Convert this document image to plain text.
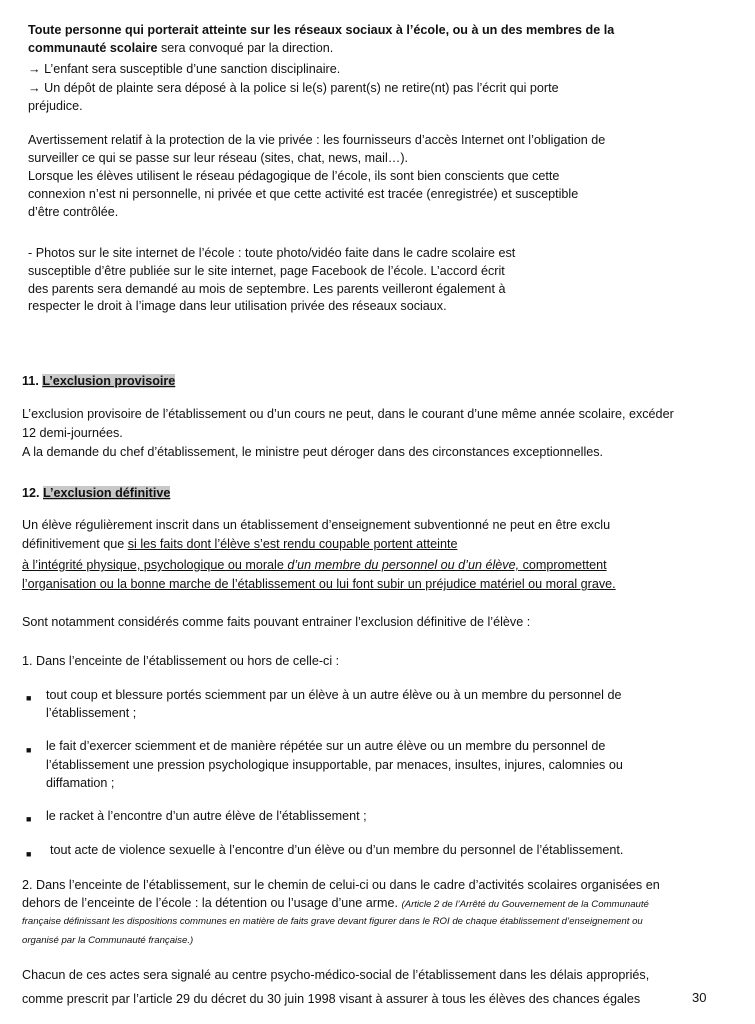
Toute personne qui porterait atteinte sur les réseaux sociaux à l’école, ou à un des membres de la
communauté scolaire sera convoqué par la direction.
→ L’enfant sera susceptible d’une sanction disciplinaire.
→ Un dépôt de plainte sera déposé à la police si le(s) parent(s) ne retire(nt) pas l’écrit qui porte
préjudice.
Avertissement relatif à la protection de la vie privée : les fournisseurs d’accès Internet ont l’obligation de
surveiller ce qui se passe sur leur réseau (sites, chat, news, mail…).
Lorsque les élèves utilisent le réseau pédagogique de l’école, ils sont bien conscients que cette
connexion n’est ni personnelle, ni privée et que cette activité est tracée (enregistrée) et susceptible
d’être contrôlée.
- Photos sur le site internet de l’école : toute photo/vidéo faite dans le cadre scolaire est
susceptible d’être publiée sur le site internet, page Facebook de l’école. L’accord écrit
des parents sera demandé au mois de septembre. Les parents veilleront également à
respecter le droit à l’image dans leur utilisation privée des réseaux sociaux.
11. L’exclusion provisoire
L’exclusion provisoire de l’établissement ou d’un cours ne peut, dans le courant d’une même année scolaire, excéder
12 demi-journées.
A la demande du chef d’établissement, le ministre peut déroger dans des circonstances exceptionnelles.
12. L’exclusion définitive
Un élève régulièrement inscrit dans un établissement d’enseignement subventionné ne peut en être exclu
définitivement que si les faits dont l’élève s’est rendu coupable portent atteinte
à l’intégrité physique, psychologique ou morale d’un membre du personnel ou d’un élève, compromettent
l’organisation ou la bonne marche de l’établissement ou lui font subir un préjudice matériel ou moral grave.
Sont notamment considérés comme faits pouvant entrainer l’exclusion définitive de l’élève :
1. Dans l’enceinte de l’établissement ou hors de celle-ci :
■ tout coup et blessure portés sciemment par un élève à un autre élève ou à un membre du personnel de
l’établissement ;
■ le fait d’exercer sciemment et de manière répétée sur un autre élève ou un membre du personnel de
l’établissement une pression psychologique insupportable, par menaces, insultes, injures, calomnies ou
diffamation ;
■ le racket à l’encontre d’un autre élève de l’établissement ;
■ tout acte de violence sexuelle à l’encontre d’un élève ou d’un membre du personnel de l’établissement.
2. Dans l’enceinte de l’établissement, sur le chemin de celui-ci ou dans le cadre d’activités scolaires organisées en
dehors de l’enceinte de l’école : la détention ou l’usage d’une arme. (Article 2 de l’Arrêté du Gouvernement de la Communauté
française définissant les dispositions communes en matière de faits grave devant figurer dans le ROI de chaque établissement d’enseignement ou
organisé par la Communauté française.)
Chacun de ces actes sera signalé au centre psycho-médico-social de l’établissement dans les délais appropriés,
comme prescrit par l’article 29 du décret du 30 juin 1998 visant à assurer à tous les élèves des chances égales	30
